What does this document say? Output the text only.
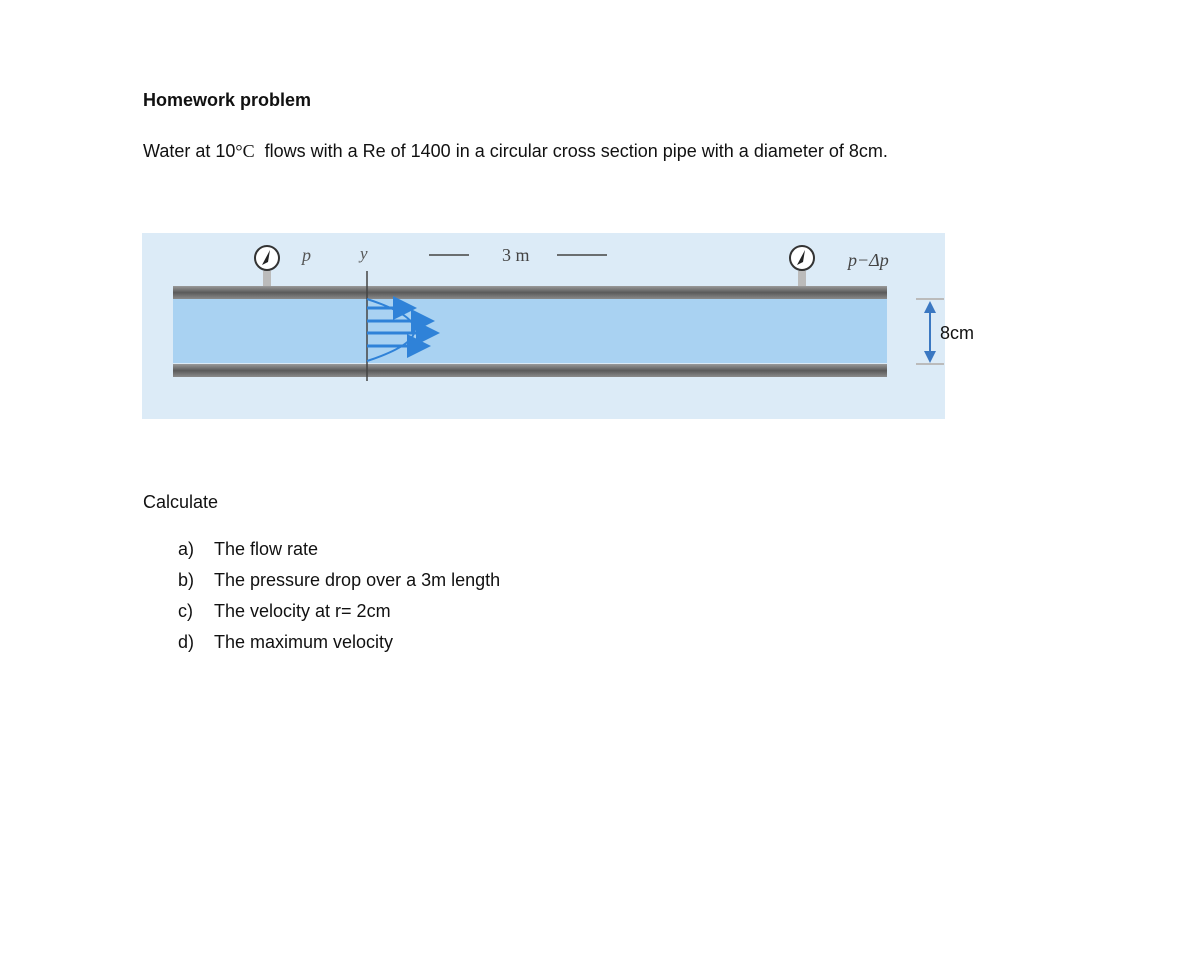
Homework problem
Water at 10°C  flows with a Re of 1400 in a circular cross section pipe with a diameter of 8cm.
p	y	3 m	p−Δp
8cm
Calculate
a)	The flow rate
b)	The pressure drop over a 3m length
c)	The velocity at r= 2cm
d)	The maximum velocity
